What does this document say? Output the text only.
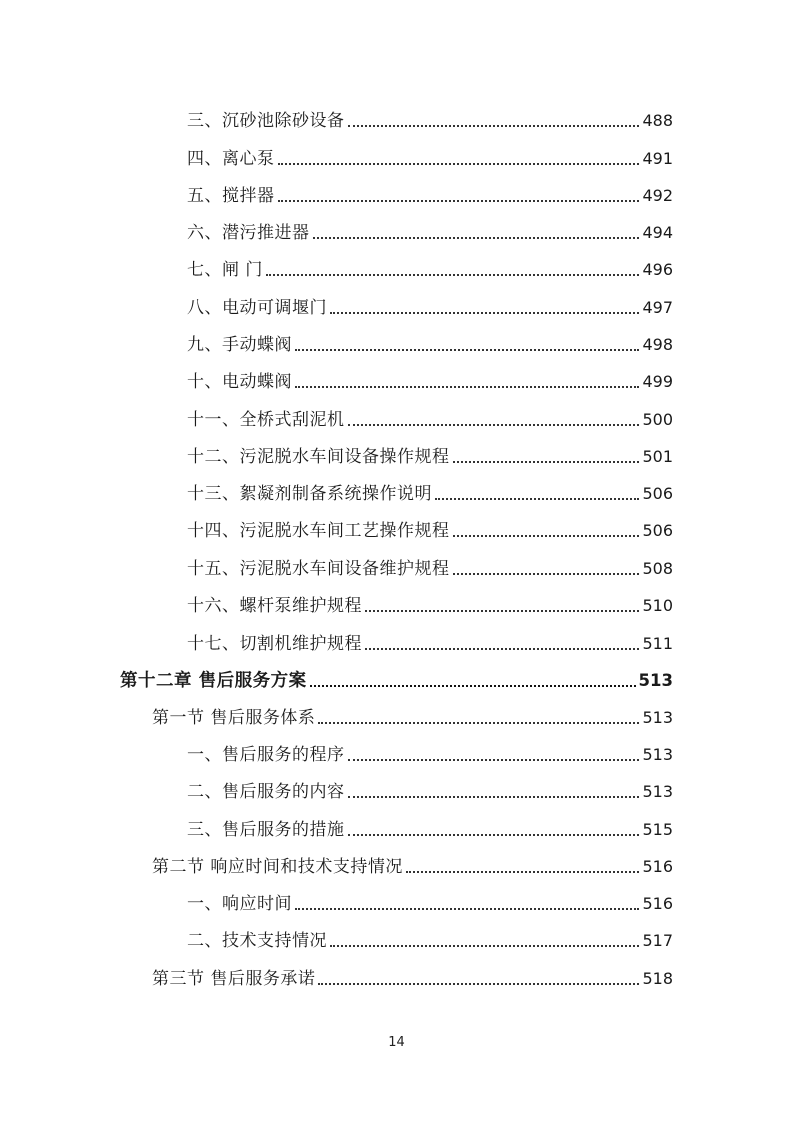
三、沉砂池除砂设备	488
四、离心泵	491
五、搅拌器	492
六、潜污推进器	494
七、闸 门	496
八、电动可调堰门	497
九、手动蝶阀	498
十、电动蝶阀	499
十一、全桥式刮泥机	500
十二、污泥脱水车间设备操作规程	501
十三、絮凝剂制备系统操作说明	506
十四、污泥脱水车间工艺操作规程	506
十五、污泥脱水车间设备维护规程	508
十六、螺杆泵维护规程	510
十七、切割机维护规程	511
第十二章 售后服务方案	513
第一节 售后服务体系	513
一、售后服务的程序	513
二、售后服务的内容	513
三、售后服务的措施	515
第二节 响应时间和技术支持情况	516
一、响应时间	516
二、技术支持情况	517
第三节 售后服务承诺	518
14
